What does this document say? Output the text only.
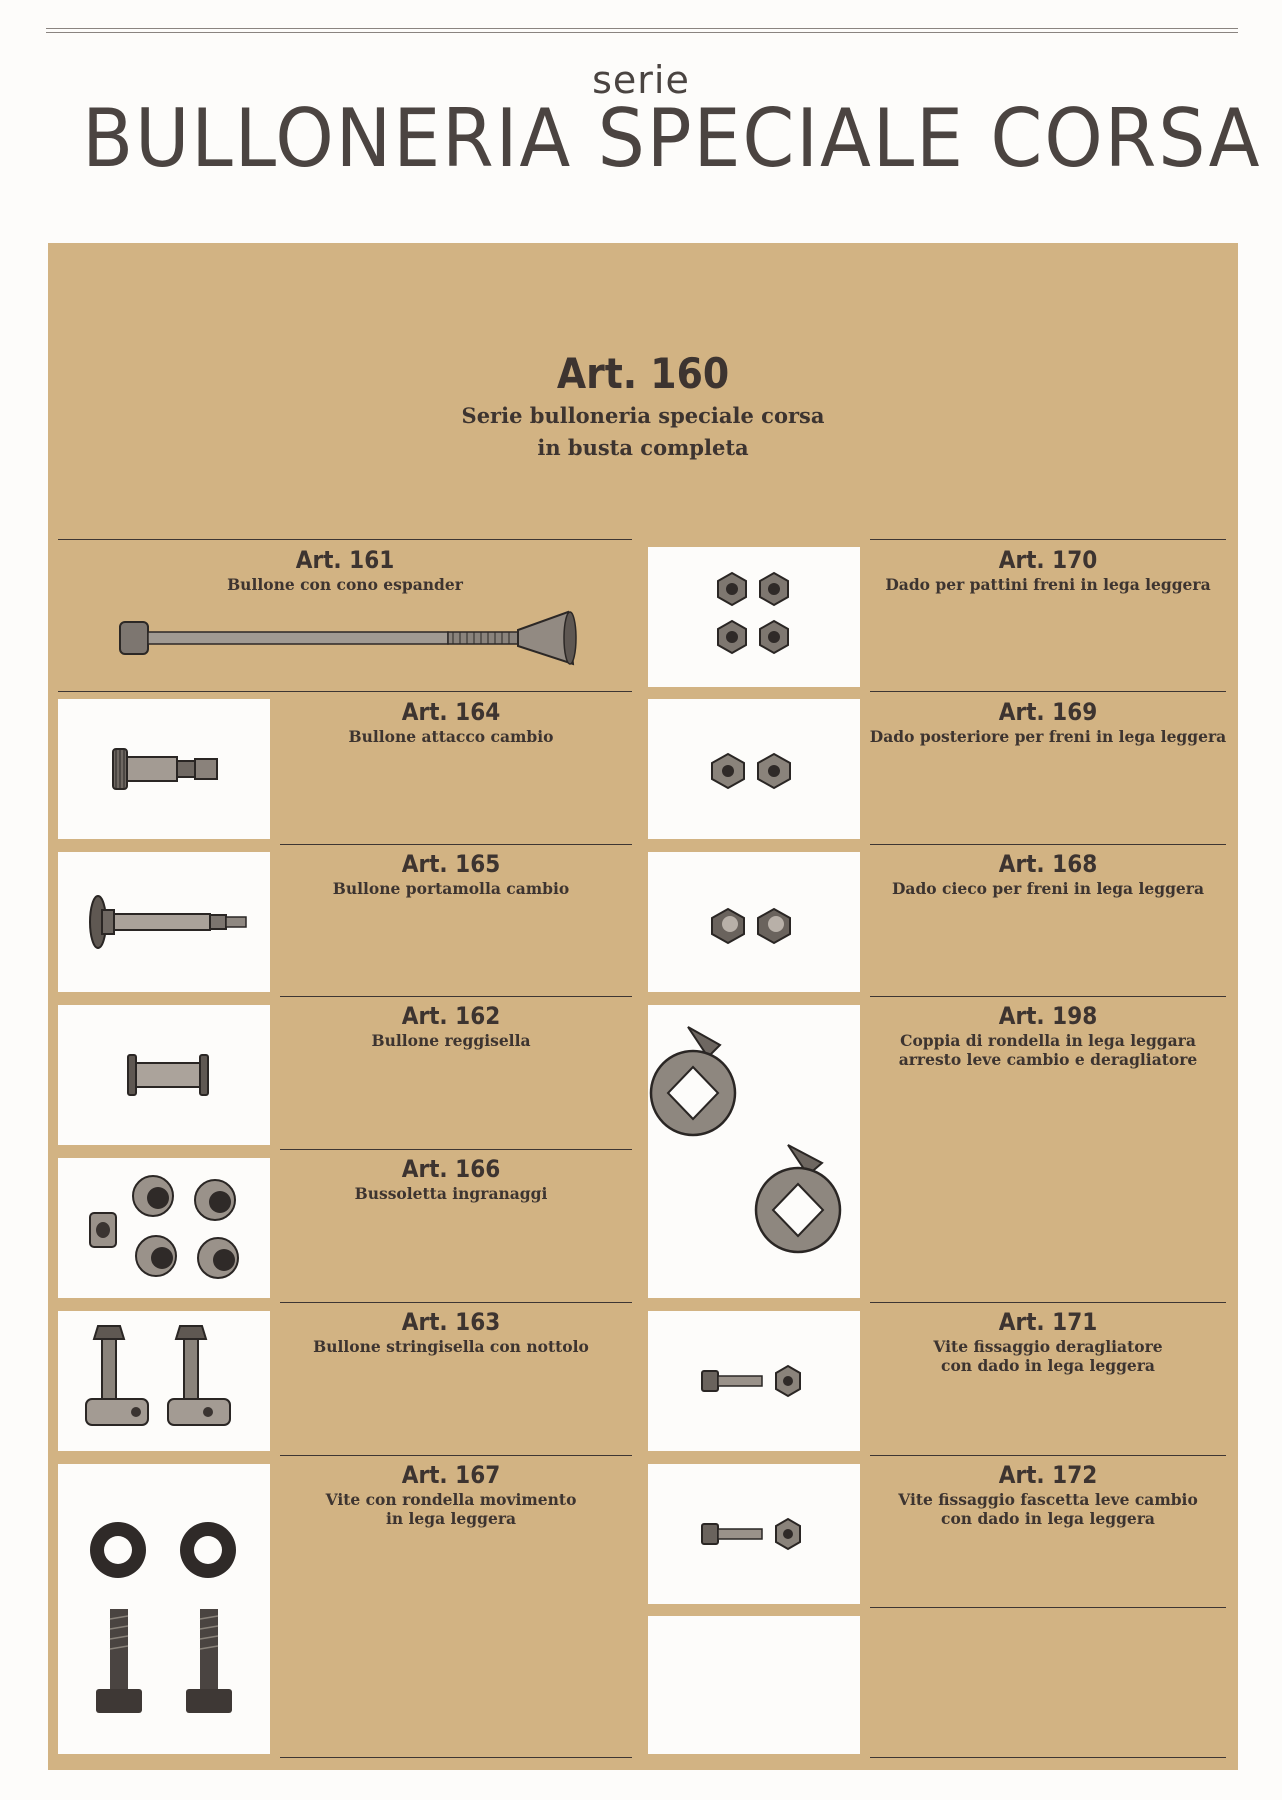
serie
BULLONERIA SPECIALE CORSA
Art. 160
Serie bulloneria speciale corsa
in busta completa
Art. 161
Bullone con cono espander
Art. 164
Bullone attacco cambio
Art. 165
Bullone portamolla cambio
Art. 162
Bullone reggisella
Art. 166
Bussoletta ingranaggi
Art. 163
Bullone stringisella con nottolo
Art. 167
Vite con rondella movimento
in lega leggera
Art. 170
Dado per pattini freni in lega leggera
Art. 169
Dado posteriore per freni in lega leggera
Art. 168
Dado cieco per freni in lega leggera
Art. 198
Coppia di rondella in lega leggara
arresto leve cambio e deragliatore
Art. 171
Vite fissaggio deragliatore
con dado in lega leggera
Art. 172
Vite fissaggio fascetta leve cambio
con dado in lega leggera
